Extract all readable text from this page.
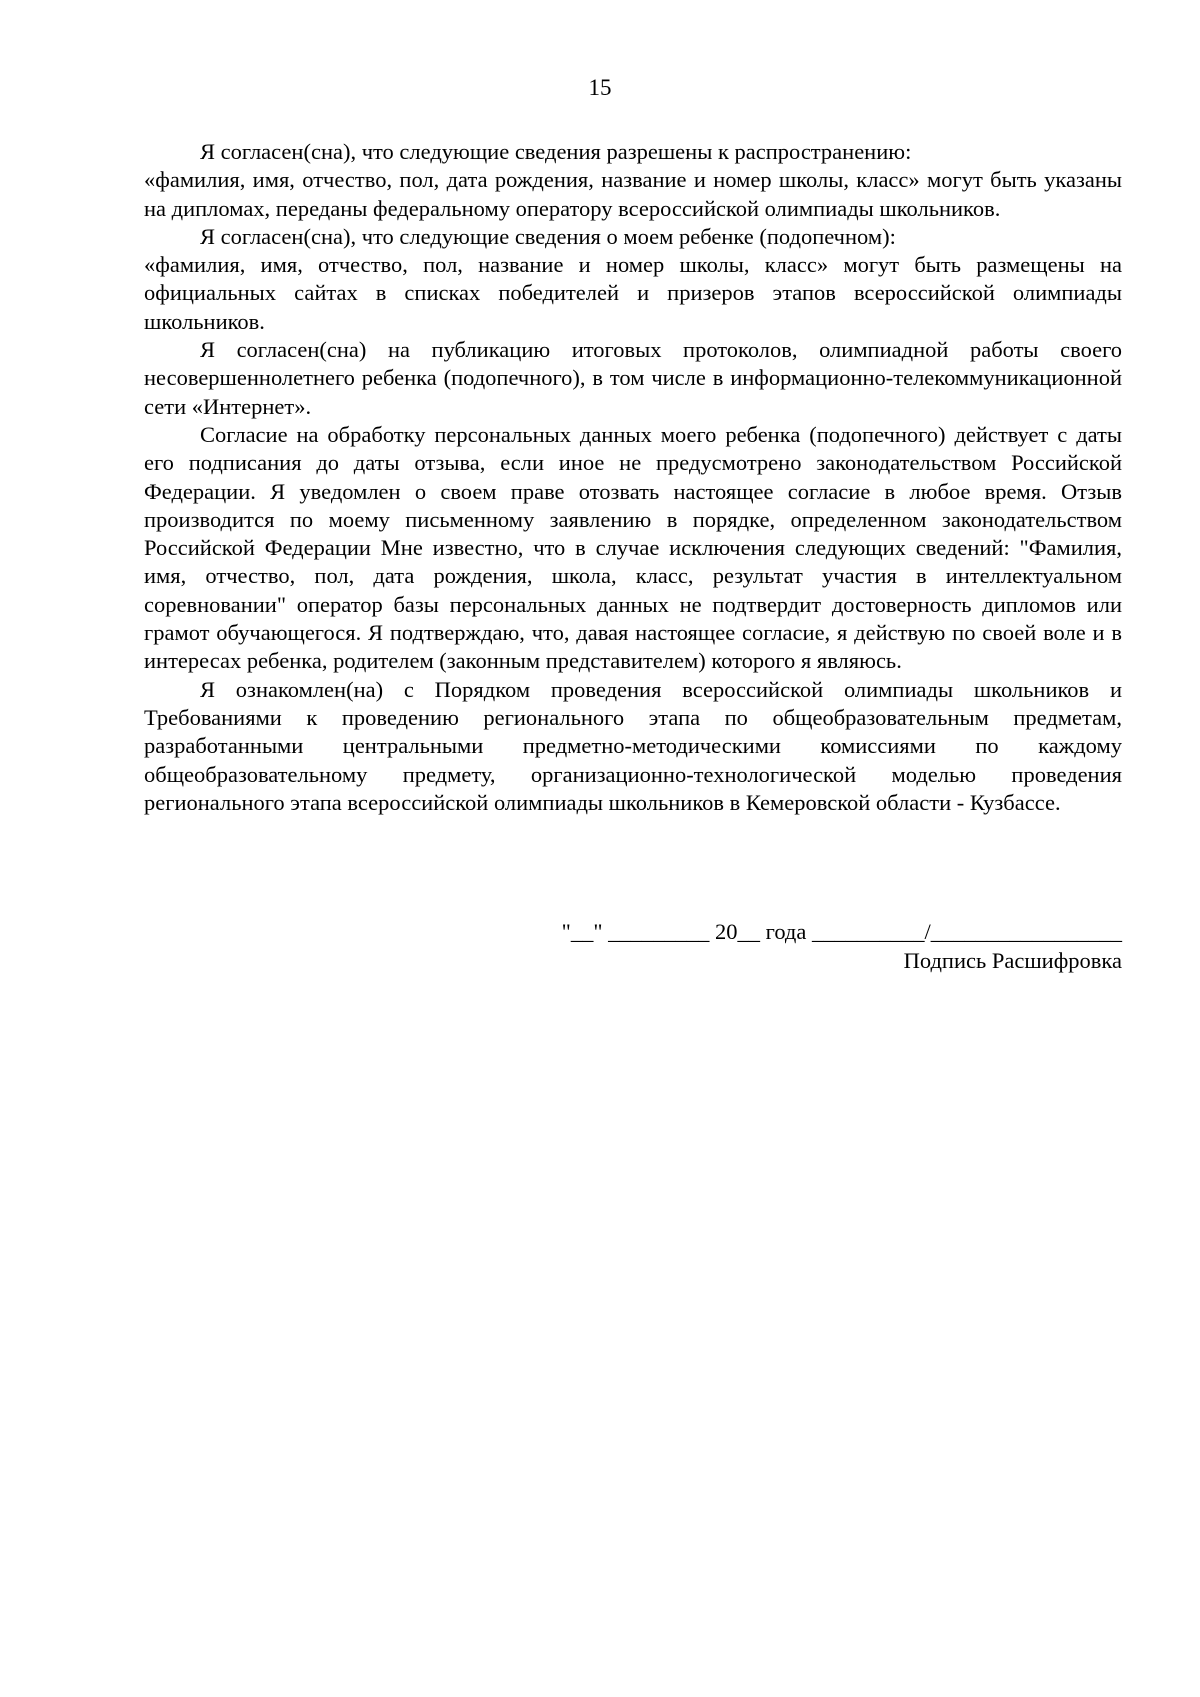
15

Я согласен(сна), что следующие сведения разрешены к распространению:

«фамилия, имя, отчество, пол, дата рождения, название и номер школы, класс» могут быть указаны на дипломах, переданы федеральному оператору всероссийской олимпиады школьников.

Я согласен(сна), что следующие сведения о моем ребенке (подопечном):

«фамилия, имя, отчество, пол, название и номер школы, класс» могут быть размещены на официальных сайтах в списках победителей и призеров этапов всероссийской олимпиады школьников.

Я согласен(сна) на публикацию итоговых протоколов, олимпиадной работы своего несовершеннолетнего ребенка (подопечного), в том числе в информационно-телекоммуникационной сети «Интернет».

Согласие на обработку персональных данных моего ребенка (подопечного) действует с даты его подписания до даты отзыва, если иное не предусмотрено законодательством Российской Федерации. Я уведомлен о своем праве отозвать настоящее согласие в любое время. Отзыв производится по моему письменному заявлению в порядке, определенном законодательством Российской Федерации Мне известно, что в случае исключения следующих сведений: "Фамилия, имя, отчество, пол, дата рождения, школа, класс, результат участия в интеллектуальном соревновании" оператор базы персональных данных не подтвердит достоверность дипломов или грамот обучающегося. Я подтверждаю, что, давая настоящее согласие, я действую по своей воле и в интересах ребенка, родителем (законным представителем) которого я являюсь.

Я ознакомлен(на) с Порядком проведения всероссийской олимпиады школьников и Требованиями к проведению регионального этапа по общеобразовательным предметам, разработанными центральными предметно-методическими комиссиями по каждому общеобразовательному предмету, организационно-технологической моделью проведения регионального этапа всероссийской олимпиады школьников в Кемеровской области - Кузбассе.

"__" _________ 20__ года __________/_________________
Подпись Расшифровка
